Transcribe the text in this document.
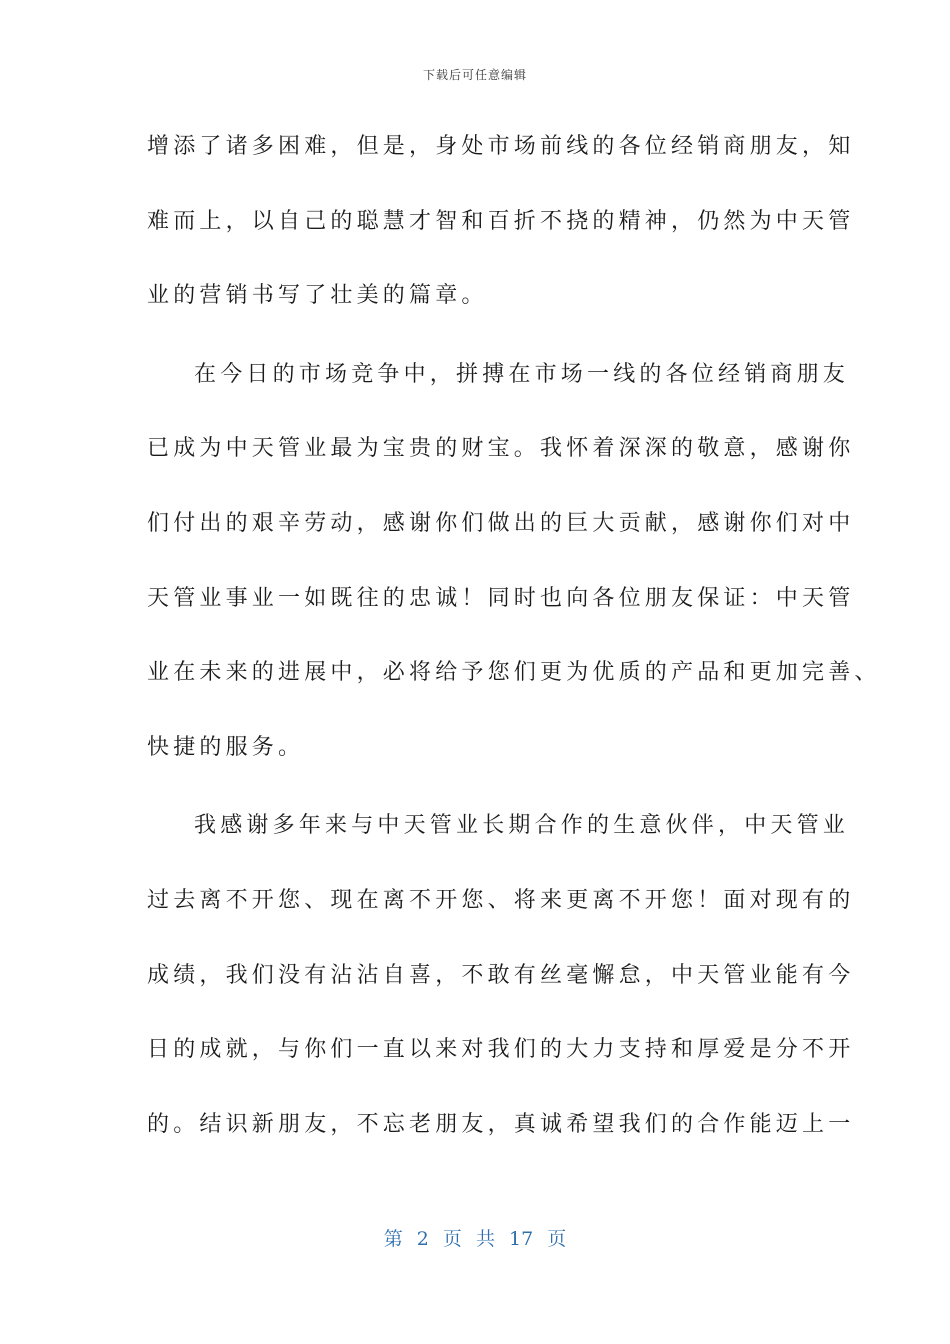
下载后可任意编辑
增添了诸多困难，但是，身处市场前线的各位经销商朋友，知
难而上，以自己的聪慧才智和百折不挠的精神，仍然为中天管
业的营销书写了壮美的篇章。
在今日的市场竞争中，拼搏在市场一线的各位经销商朋友
已成为中天管业最为宝贵的财宝。我怀着深深的敬意，感谢你
们付出的艰辛劳动，感谢你们做出的巨大贡献，感谢你们对中
天管业事业一如既往的忠诚！同时也向各位朋友保证：中天管
业在未来的进展中，必将给予您们更为优质的产品和更加完善、
快捷的服务。
我感谢多年来与中天管业长期合作的生意伙伴，中天管业
过去离不开您、现在离不开您、将来更离不开您！面对现有的
成绩，我们没有沾沾自喜，不敢有丝毫懈怠，中天管业能有今
日的成就，与你们一直以来对我们的大力支持和厚爱是分不开
的。结识新朋友，不忘老朋友，真诚希望我们的合作能迈上一
第 2 页 共 17 页
